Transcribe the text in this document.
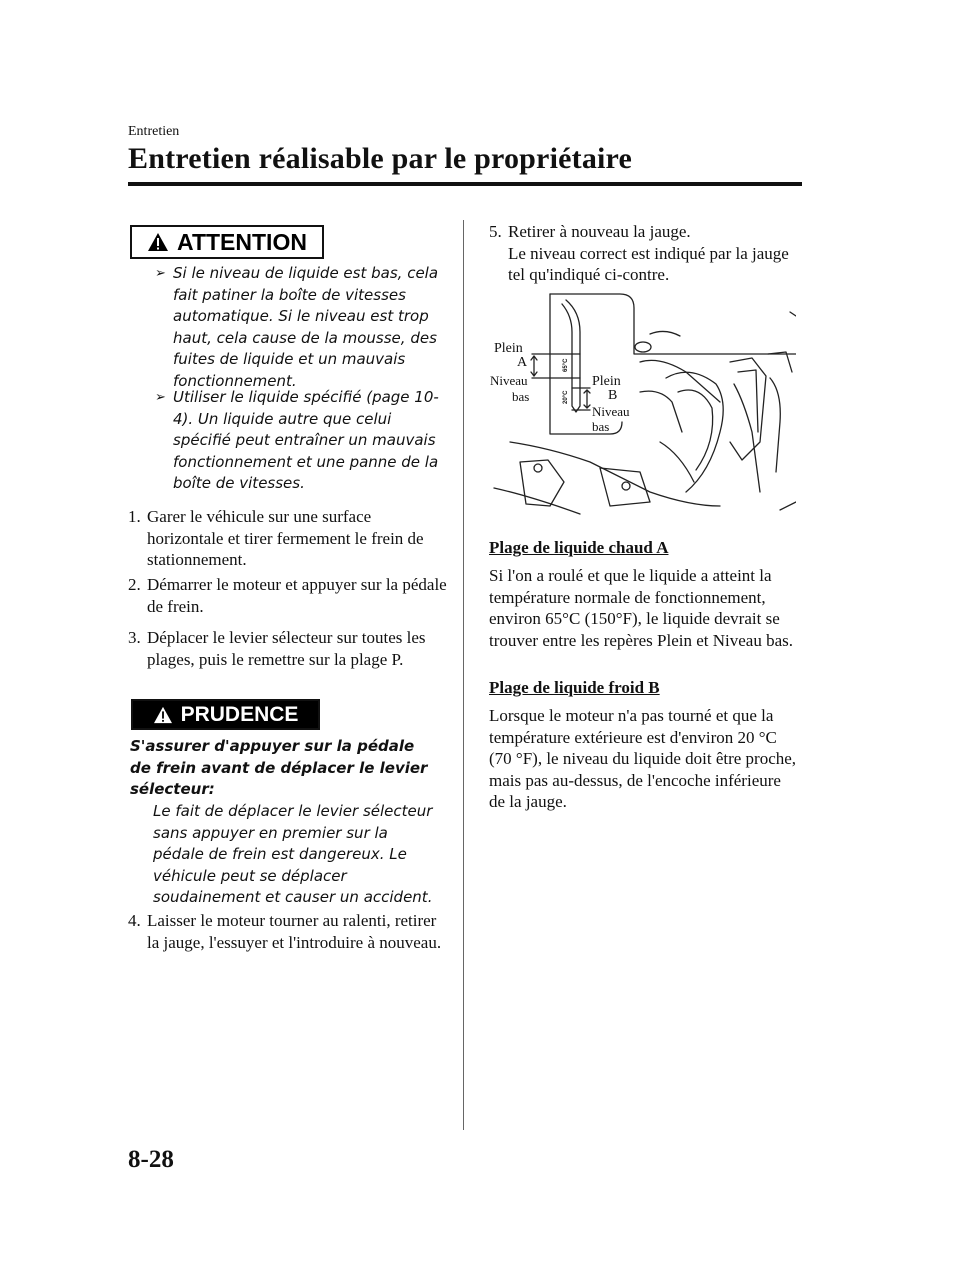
Entretien
Entretien réalisable par le propriétaire
ATTENTION
➢ Si le niveau de liquide est bas, cela fait patiner la boîte de vitesses automatique. Si le niveau est trop haut, cela cause de la mousse, des fuites de liquide et un mauvais fonctionnement.
➢ Utiliser le liquide spécifié (page 10-4). Un liquide autre que celui spécifié peut entraîner un mauvais fonctionnement et une panne de la boîte de vitesses.
1. Garer le véhicule sur une surface horizontale et tirer fermement le frein de stationnement.
2. Démarrer le moteur et appuyer sur la pédale de frein.
3. Déplacer le levier sélecteur sur toutes les plages, puis le remettre sur la plage P.
PRUDENCE
S'assurer d'appuyer sur la pédale de frein avant de déplacer le levier sélecteur:
Le fait de déplacer le levier sélecteur sans appuyer en premier sur la pédale de frein est dangereux. Le véhicule peut se déplacer soudainement et causer un accident.
4. Laisser le moteur tourner au ralenti, retirer la jauge, l'essuyer et l'introduire à nouveau.
5. Retirer à nouveau la jauge.
Le niveau correct est indiqué par la jauge tel qu'indiqué ci-contre.
65°C
20°C
Plein
A
Niveau
bas
Plein
B
Niveau
bas
Plage de liquide chaud A
Si l'on a roulé et que le liquide a atteint la température normale de fonctionnement, environ 65°C (150°F), le liquide devrait se trouver entre les repères Plein et Niveau bas.
Plage de liquide froid B
Lorsque le moteur n'a pas tourné et que la température extérieure est d'environ 20 °C (70 °F), le niveau du liquide doit être proche, mais pas au-dessus, de l'encoche inférieure de la jauge.
8-28
